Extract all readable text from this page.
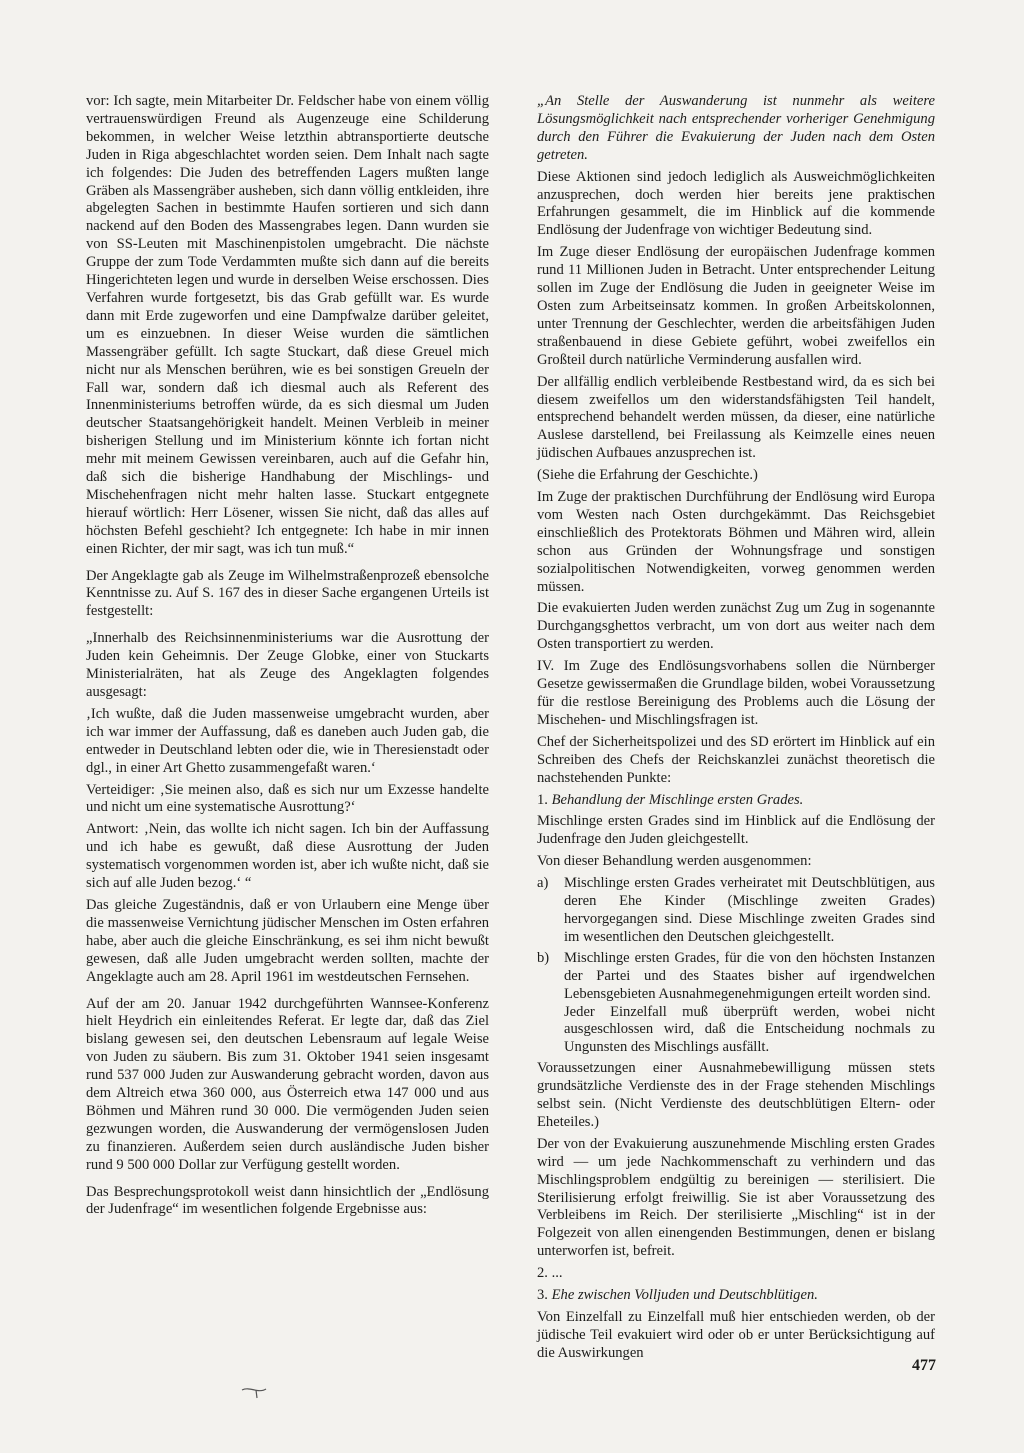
vor: Ich sagte, mein Mitarbeiter Dr. Feldscher habe von einem völlig vertrauenswürdigen Freund als Augenzeuge eine Schilderung bekommen, in welcher Weise letzthin abtransportierte deutsche Juden in Riga abgeschlachtet worden seien. Dem Inhalt nach sagte ich folgendes: Die Juden des betreffenden Lagers mußten lange Gräben als Massengräber ausheben, sich dann völlig entkleiden, ihre abgelegten Sachen in bestimmte Haufen sortieren und sich dann nackend auf den Boden des Massengrabes legen. Dann wurden sie von SS-Leuten mit Maschinenpistolen umgebracht. Die nächste Gruppe der zum Tode Verdammten mußte sich dann auf die bereits Hingerichteten legen und wurde in derselben Weise erschossen. Dies Verfahren wurde fortgesetzt, bis das Grab gefüllt war. Es wurde dann mit Erde zugeworfen und eine Dampfwalze darüber geleitet, um es einzuebnen. In dieser Weise wurden die sämtlichen Massengräber gefüllt. Ich sagte Stuckart, daß diese Greuel mich nicht nur als Menschen berühren, wie es bei sonstigen Greueln der Fall war, sondern daß ich diesmal auch als Referent des Innenministeriums betroffen würde, da es sich diesmal um Juden deutscher Staatsangehörigkeit handelt. Meinen Verbleib in meiner bisherigen Stellung und im Ministerium könnte ich fortan nicht mehr mit meinem Gewissen vereinbaren, auch auf die Gefahr hin, daß sich die bisherige Handhabung der Mischlings- und Mischehenfragen nicht mehr halten lasse. Stuckart entgegnete hierauf wörtlich: Herr Lösener, wissen Sie nicht, daß das alles auf höchsten Befehl geschieht? Ich entgegnete: Ich habe in mir innen einen Richter, der mir sagt, was ich tun muß.“

Der Angeklagte gab als Zeuge im Wilhelmstraßenprozeß ebensolche Kenntnisse zu. Auf S. 167 des in dieser Sache ergangenen Urteils ist festgestellt:

„Innerhalb des Reichsinnenministeriums war die Ausrottung der Juden kein Geheimnis. Der Zeuge Globke, einer von Stuckarts Ministerialräten, hat als Zeuge des Angeklagten folgendes ausgesagt:

‚Ich wußte, daß die Juden massenweise umgebracht wurden, aber ich war immer der Auffassung, daß es daneben auch Juden gab, die entweder in Deutschland lebten oder die, wie in Theresienstadt oder dgl., in einer Art Ghetto zusammengefaßt waren.‘

Verteidiger: ‚Sie meinen also, daß es sich nur um Exzesse handelte und nicht um eine systematische Ausrottung?‘

Antwort: ‚Nein, das wollte ich nicht sagen. Ich bin der Auffassung und ich habe es gewußt, daß diese Ausrottung der Juden systematisch vorgenommen worden ist, aber ich wußte nicht, daß sie sich auf alle Juden bezog.‘ “

Das gleiche Zugeständnis, daß er von Urlaubern eine Menge über die massenweise Vernichtung jüdischer Menschen im Osten erfahren habe, aber auch die gleiche Einschränkung, es sei ihm nicht bewußt gewesen, daß alle Juden umgebracht werden sollten, machte der Angeklagte auch am 28. April 1961 im westdeutschen Fernsehen.

Auf der am 20. Januar 1942 durchgeführten Wannsee-Konferenz hielt Heydrich ein einleitendes Referat. Er legte dar, daß das Ziel bislang gewesen sei, den deutschen Lebensraum auf legale Weise von Juden zu säubern. Bis zum 31. Oktober 1941 seien insgesamt rund 537 000 Juden zur Auswanderung gebracht worden, davon aus dem Altreich etwa 360 000, aus Österreich etwa 147 000 und aus Böhmen und Mähren rund 30 000. Die vermögenden Juden seien gezwungen worden, die Auswanderung der vermögenslosen Juden zu finanzieren. Außerdem seien durch ausländische Juden bisher rund 9 500 000 Dollar zur Verfügung gestellt worden.

Das Besprechungsprotokoll weist dann hinsichtlich der „Endlösung der Judenfrage“ im wesentlichen folgende Ergebnisse aus:

„An Stelle der Auswanderung ist nunmehr als weitere Lösungsmöglichkeit nach entsprechender vorheriger Genehmigung durch den Führer die Evakuierung der Juden nach dem Osten getreten.

Diese Aktionen sind jedoch lediglich als Ausweichmöglichkeiten anzusprechen, doch werden hier bereits jene praktischen Erfahrungen gesammelt, die im Hinblick auf die kommende Endlösung der Judenfrage von wichtiger Bedeutung sind.

Im Zuge dieser Endlösung der europäischen Judenfrage kommen rund 11 Millionen Juden in Betracht. Unter entsprechender Leitung sollen im Zuge der Endlösung die Juden in geeigneter Weise im Osten zum Arbeitseinsatz kommen. In großen Arbeitskolonnen, unter Trennung der Geschlechter, werden die arbeitsfähigen Juden straßenbauend in diese Gebiete geführt, wobei zweifellos ein Großteil durch natürliche Verminderung ausfallen wird.

Der allfällig endlich verbleibende Restbestand wird, da es sich bei diesem zweifellos um den widerstandsfähigsten Teil handelt, entsprechend behandelt werden müssen, da dieser, eine natürliche Auslese darstellend, bei Freilassung als Keimzelle eines neuen jüdischen Aufbaues anzusprechen ist.

(Siehe die Erfahrung der Geschichte.)

Im Zuge der praktischen Durchführung der Endlösung wird Europa vom Westen nach Osten durchgekämmt. Das Reichsgebiet einschließlich des Protektorats Böhmen und Mähren wird, allein schon aus Gründen der Wohnungsfrage und sonstigen sozialpolitischen Notwendigkeiten, vorweg genommen werden müssen.

Die evakuierten Juden werden zunächst Zug um Zug in sogenannte Durchgangsghettos verbracht, um von dort aus weiter nach dem Osten transportiert zu werden.

IV. Im Zuge des Endlösungsvorhabens sollen die Nürnberger Gesetze gewissermaßen die Grundlage bilden, wobei Voraussetzung für die restlose Bereinigung des Problems auch die Lösung der Mischehen- und Mischlingsfragen ist.

Chef der Sicherheitspolizei und des SD erörtert im Hinblick auf ein Schreiben des Chefs der Reichskanzlei zunächst theoretisch die nachstehenden Punkte:

1. Behandlung der Mischlinge ersten Grades.

Mischlinge ersten Grades sind im Hinblick auf die Endlösung der Judenfrage den Juden gleichgestellt.

Von dieser Behandlung werden ausgenommen:

a) Mischlinge ersten Grades verheiratet mit Deutschblütigen, aus deren Ehe Kinder (Mischlinge zweiten Grades) hervorgegangen sind. Diese Mischlinge zweiten Grades sind im wesentlichen den Deutschen gleichgestellt.
b) Mischlinge ersten Grades, für die von den höchsten Instanzen der Partei und des Staates bisher auf irgendwelchen Lebensgebieten Ausnahmegenehmigungen erteilt worden sind.
Jeder Einzelfall muß überprüft werden, wobei nicht ausgeschlossen wird, daß die Entscheidung nochmals zu Ungunsten des Mischlings ausfällt.

Voraussetzungen einer Ausnahmebewilligung müssen stets grundsätzliche Verdienste des in der Frage stehenden Mischlings selbst sein. (Nicht Verdienste des deutschblütigen Eltern- oder Eheteiles.)

Der von der Evakuierung auszunehmende Mischling ersten Grades wird — um jede Nachkommenschaft zu verhindern und das Mischlingsproblem endgültig zu bereinigen — sterilisiert. Die Sterilisierung erfolgt freiwillig. Sie ist aber Voraussetzung des Verbleibens im Reich. Der sterilisierte „Mischling“ ist in der Folgezeit von allen einengenden Bestimmungen, denen er bislang unterworfen ist, befreit.

2. ...

3. Ehe zwischen Volljuden und Deutschblütigen.

Von Einzelfall zu Einzelfall muß hier entschieden werden, ob der jüdische Teil evakuiert wird oder ob er unter Berücksichtigung auf die Auswirkungen

477
